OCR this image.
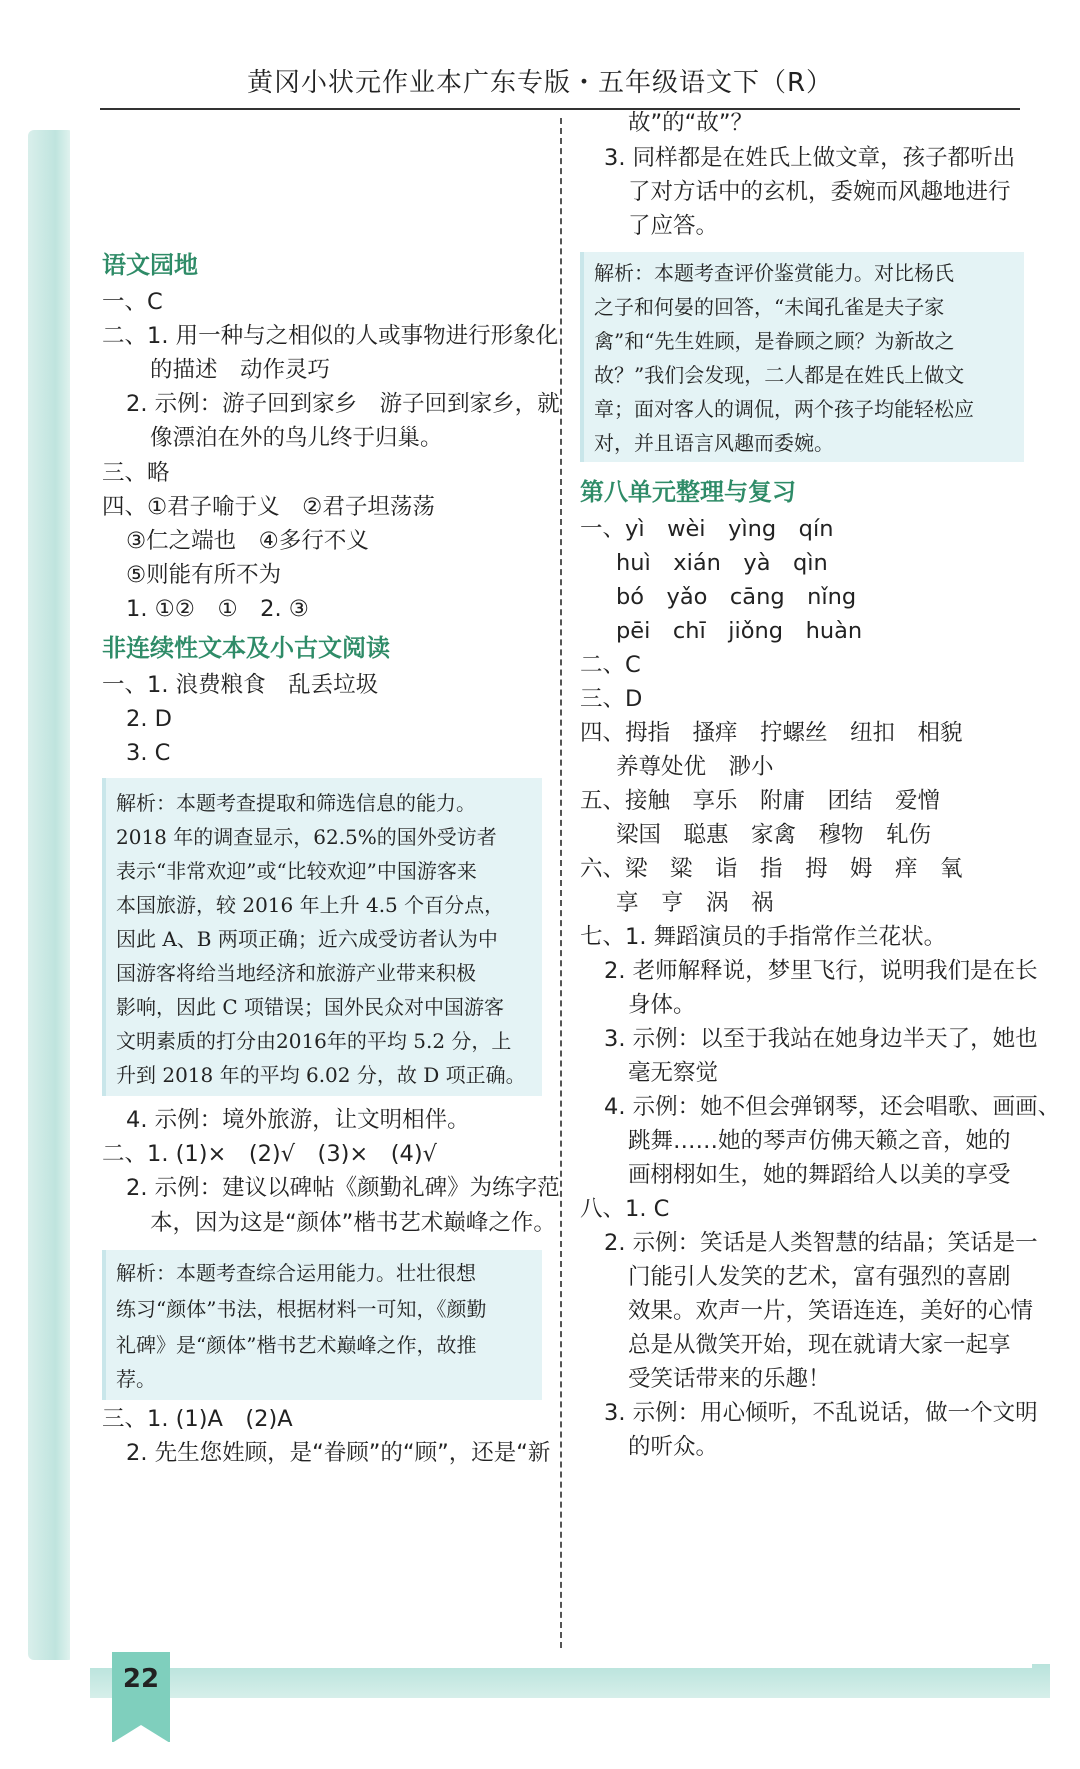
黄冈小状元作业本广东专版・五年级语文下（R）
语文园地
一、C
二、1. 用一种与之相似的人或事物进行形象化
的描述　动作灵巧
2. 示例：游子回到家乡　游子回到家乡，就
像漂泊在外的鸟儿终于归巢。
三、略
四、①君子喻于义　②君子坦荡荡
③仁之端也　④多行不义
⑤则能有所不为
1. ①②　①　2. ③
非连续性文本及小古文阅读
一、1. 浪费粮食　乱丢垃圾
2. D
3. C
解析：本题考查提取和筛选信息的能力。
2018 年的调查显示，62.5%的国外受访者
表示“非常欢迎”或“比较欢迎”中国游客来
本国旅游，较 2016 年上升 4.5 个百分点，
因此 A、B 两项正确；近六成受访者认为中
国游客将给当地经济和旅游产业带来积极
影响，因此 C 项错误；国外民众对中国游客
文明素质的打分由2016年的平均 5.2 分，上
升到 2018 年的平均 6.02 分，故 D 项正确。
4. 示例：境外旅游，让文明相伴。
二、1. (1)×　(2)√　(3)×　(4)√
2. 示例：建议以碑帖《颜勤礼碑》为练字范
本，因为这是“颜体”楷书艺术巅峰之作。
解析：本题考查综合运用能力。壮壮很想
练习“颜体”书法，根据材料一可知，《颜勤
礼碑》是“颜体”楷书艺术巅峰之作，故推
荐。
三、1. (1)A　(2)A
2. 先生您姓顾，是“眷顾”的“顾”，还是“新
故”的“故”？
3. 同样都是在姓氏上做文章，孩子都听出
了对方话中的玄机，委婉而风趣地进行
了应答。
解析：本题考查评价鉴赏能力。对比杨氏
之子和何晏的回答，“未闻孔雀是夫子家
禽”和“先生姓顾，是眷顾之顾？为新故之
故？”我们会发现，二人都是在姓氏上做文
章；面对客人的调侃，两个孩子均能轻松应
对，并且语言风趣而委婉。
第八单元整理与复习
一、yì　wèi　yìng　qín
huì　xián　yà　qìn
bó　yǎo　cāng　nǐng
pēi　chī　jiǒng　huàn
二、C
三、D
四、拇指　搔痒　拧螺丝　纽扣　相貌
养尊处优　渺小
五、接触　享乐　附庸　团结　爱憎
梁国　聪惠　家禽　穆物　轧伤
六、梁　粱　诣　指　拇　姆　痒　氧
享　亨　涡　祸
七、1. 舞蹈演员的手指常作兰花状。
2. 老师解释说，梦里飞行，说明我们是在长
身体。
3. 示例：以至于我站在她身边半天了，她也
毫无察觉
4. 示例：她不但会弹钢琴，还会唱歌、画画、
跳舞……她的琴声仿佛天籁之音，她的
画栩栩如生，她的舞蹈给人以美的享受
八、1. C
2. 示例：笑话是人类智慧的结晶；笑话是一
门能引人发笑的艺术，富有强烈的喜剧
效果。欢声一片，笑语连连，美好的心情
总是从微笑开始，现在就请大家一起享
受笑话带来的乐趣！
3. 示例：用心倾听，不乱说话，做一个文明
的听众。
22
